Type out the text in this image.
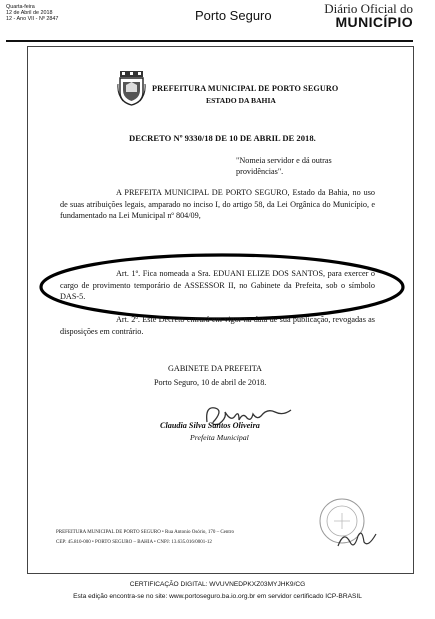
Quarta-feira
12 de Abril de 2018
12 - Ano VII - Nº 2847	Porto Seguro	Diário Oficial do
MUNICÍPIO
PREFEITURA MUNICIPAL DE PORTO SEGURO
ESTADO DA BAHIA
DECRETO Nº 9330/18 DE 10 DE ABRIL DE 2018.
"Nomeia servidor e dá outras providências".
A PREFEITA MUNICIPAL DE PORTO SEGURO, Estado da Bahia, no uso de suas atribuições legais, amparado no inciso I, do artigo 58, da Lei Orgânica do Município, e fundamentado na Lei Municipal nº 804/09,
Art. 1º. Fica nomeada a Sra. EDUANI ELIZE DOS SANTOS, para exercer o cargo de provimento temporário de ASSESSOR II, no Gabinete da Prefeita, sob o símbolo DAS-5.
Art. 2º. Este Decreto entrará em vigor na data de sua publicação, revogadas as disposições em contrário.
GABINETE DA PREFEITA
Porto Seguro, 10 de abril de 2018.
Claudia Silva Santos Oliveira
Prefeita Municipal
PREFEITURA MUNICIPAL DE PORTO SEGURO • Rua Antonio Osório, 170 – Centro
CEP: 45.810-000 • PORTO SEGURO – BAHIA • CNPJ: 13.635.016/0001-12
CERTIFICAÇÃO DIGITAL: WVUVNEDPKXZ03MYJHK9/CG
Esta edição encontra-se no site: www.portoseguro.ba.io.org.br em servidor certificado ICP-BRASIL
